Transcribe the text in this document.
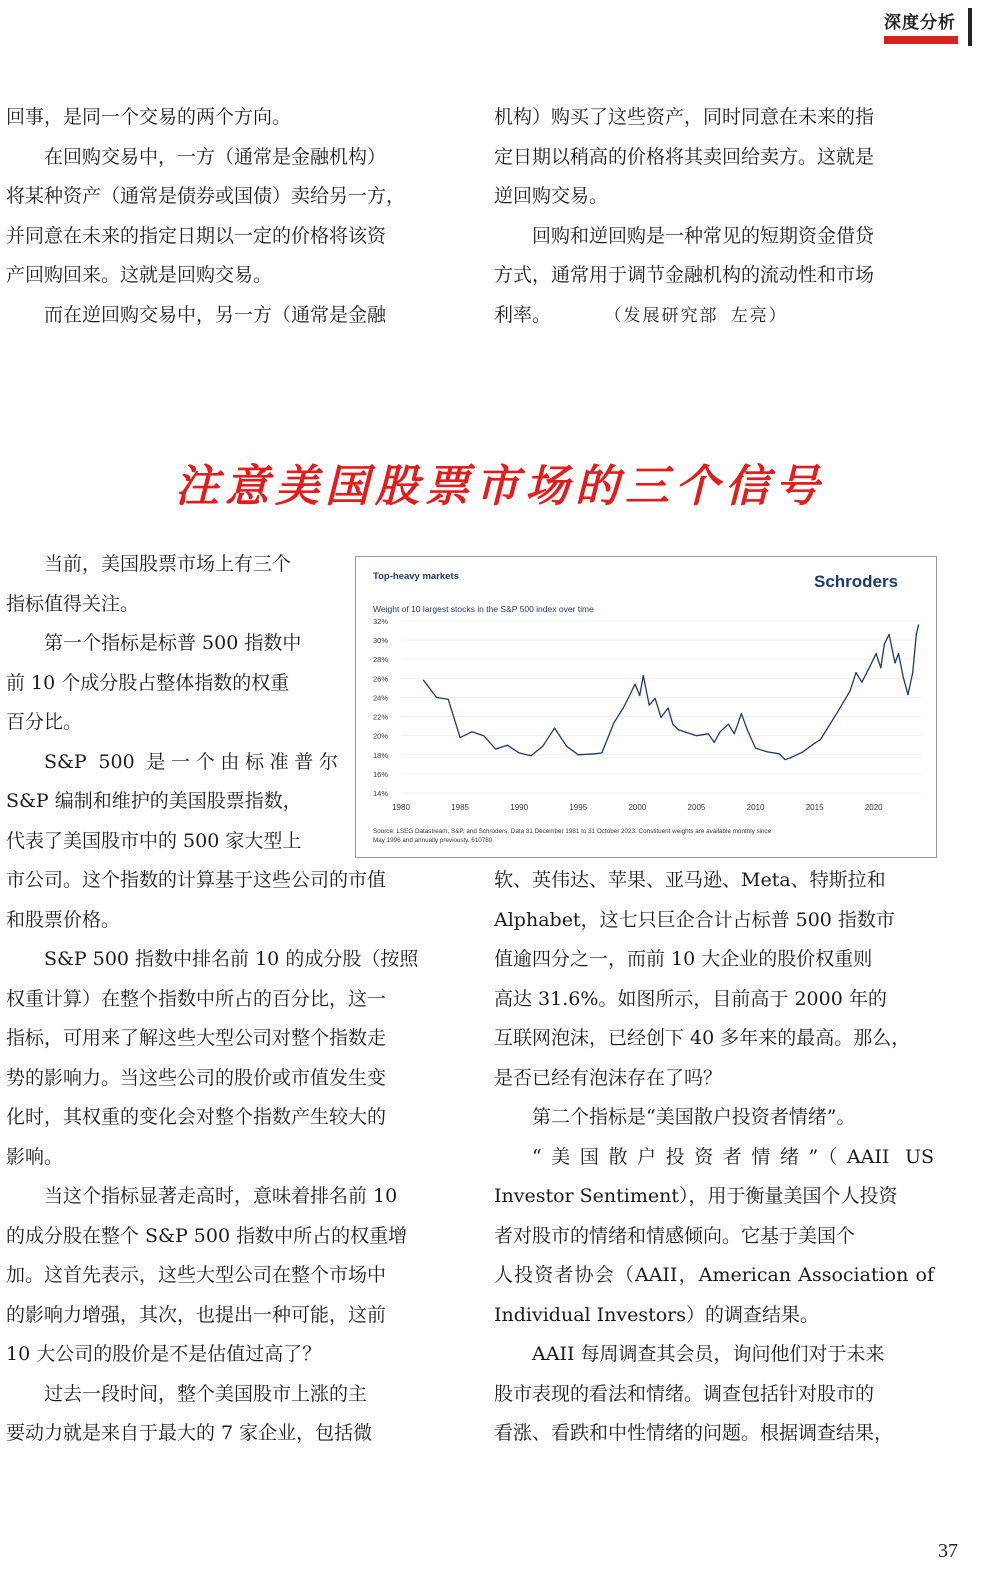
深度分析

回事，是同一个交易的两个方向。

在回购交易中，一方（通常是金融机构）

将某种资产（通常是债券或国债）卖给另一方，

并同意在未来的指定日期以一定的价格将该资

产回购回来。这就是回购交易。

而在逆回购交易中，另一方（通常是金融

机构）购买了这些资产，同时同意在未来的指

定日期以稍高的价格将其卖回给卖方。这就是

逆回购交易。

回购和逆回购是一种常见的短期资金借贷

方式，通常用于调节金融机构的流动性和市场

利率。	（发展研究部 左亮）

注意美国股票市场的三个信号

当前，美国股票市场上有三个

指标值得关注。

第一个指标是标普 500 指数中

前 10 个成分股占整体指数的权重

百分比。

S&P 500 是一个由标准普尔

S&P 编制和维护的美国股票指数，

代表了美国股市中的 500 家大型上

市公司。这个指数的计算基于这些公司的市值

和股票价格。

S&P 500 指数中排名前 10 的成分股（按照

权重计算）在整个指数中所占的百分比，这一

指标，可用来了解这些大型公司对整个指数走

势的影响力。当这些公司的股价或市值发生变

化时，其权重的变化会对整个指数产生较大的

影响。

当这个指标显著走高时，意味着排名前 10

的成分股在整个 S&P 500 指数中所占的权重增

加。这首先表示，这些大型公司在整个市场中

的影响力增强，其次，也提出一种可能，这前

10 大公司的股价是不是估值过高了？

过去一段时间，整个美国股市上涨的主

要动力就是来自于最大的 7 家企业，包括微

软、英伟达、苹果、亚马逊、Meta、特斯拉和

Alphabet，这七只巨企合计占标普 500 指数市

值逾四分之一，而前 10 大企业的股价权重则

高达 31.6%。如图所示，目前高于 2000 年的

互联网泡沫，已经创下 40 多年来的最高。那么，

是否已经有泡沫存在了吗？

第二个指标是“美国散户投资者情绪”。

“美国散户投资者情绪”（AAII US

Investor Sentiment），用于衡量美国个人投资

者对股市的情绪和情感倾向。它基于美国个

人投资者协会（AAII，American Association of

Individual Investors）的调查结果。

AAII 每周调查其会员，询问他们对于未来

股市表现的看法和情绪。调查包括针对股市的

看涨、看跌和中性情绪的问题。根据调查结果，

Top-heavy markets	Schroders
Weight of 10 largest stocks in the S&P 500 index over time
14%
16%
18%
20%
22%
24%
26%
28%
30%
32%
1980	1985	1990	1995	2000	2005	2010	2015	2020
Source: LSEG Datastream, S&P, and Schroders. Data 31 December 1981 to 31 October 2023. Constituent weights are available monthly since
May 1996 and annually previously. 610780
37
